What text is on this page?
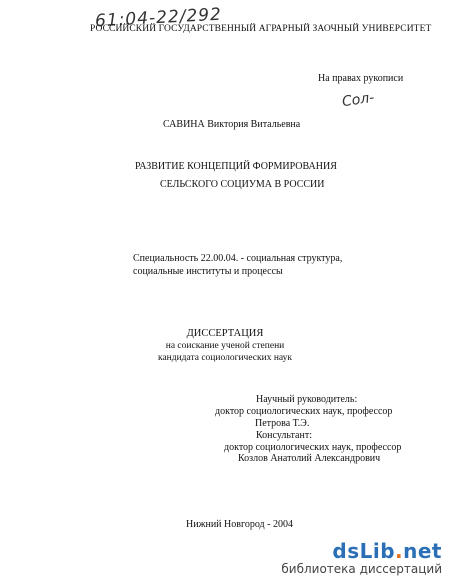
61:04-22/292
РОССИЙСКИЙ ГОСУДАРСТВЕННЫЙ АГРАРНЫЙ ЗАОЧНЫЙ УНИВЕРСИТЕТ
На правах рукописи
Сол-
САВИНА Виктория Витальевна
РАЗВИТИЕ КОНЦЕПЦИЙ ФОРМИРОВАНИЯ
СЕЛЬСКОГО СОЦИУМА В РОССИИ
Специальность 22.00.04. - социальная структура,
социальные институты и процессы
ДИССЕРТАЦИЯ
на соискание ученой степени
кандидата социологических наук
Научный руководитель:
доктор социологических наук, профессор
Петрова Т.Э.
Консультант:
доктор социологических наук, профессор
Козлов Анатолий Александрович
Нижний Новгород - 2004
dsLib.net
библиотека диссертаций
